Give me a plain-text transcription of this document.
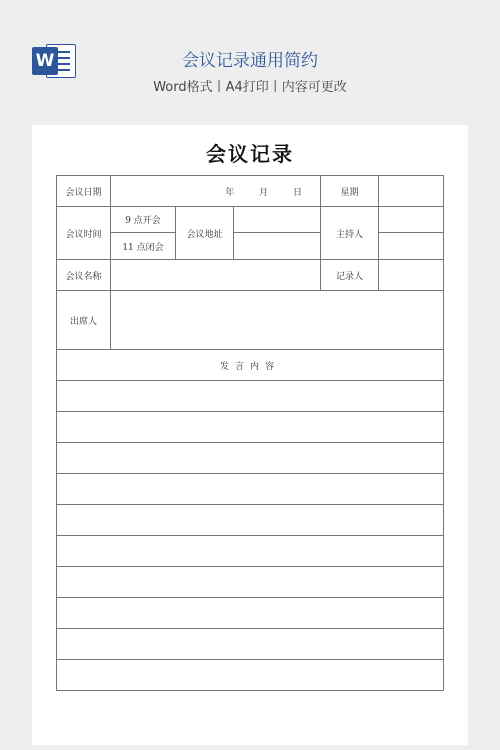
W	会议记录通用简约
Word格式丨A4打印丨内容可更改
会议记录
会议日期	年 月 日			星期	
会议时间	9 点开会	会议地址		主持人	
	11 点闭会				
会议名称				记录人	
出席人					
发言内容					
